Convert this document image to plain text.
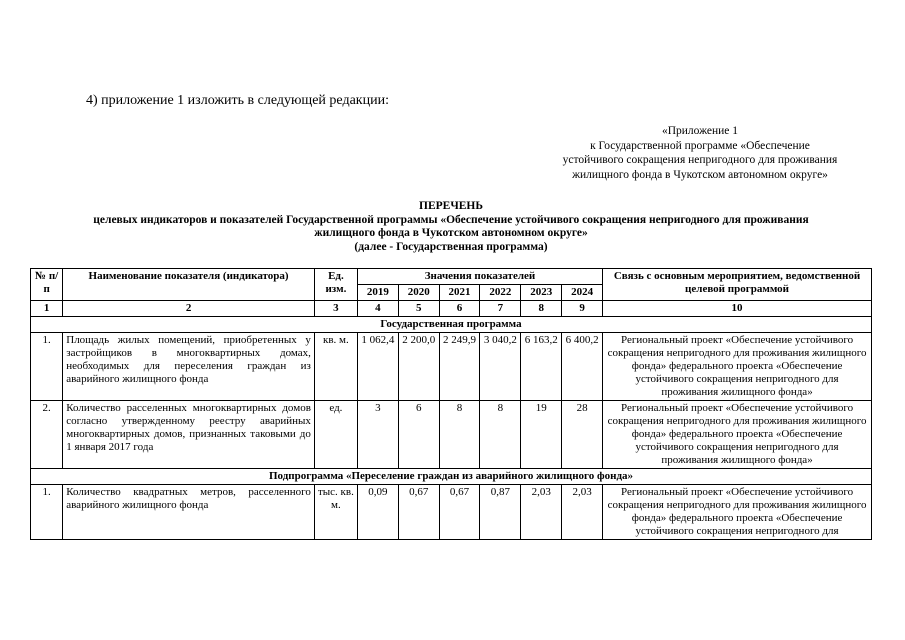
4) приложение 1 изложить в следующей редакции:
«Приложение 1
к Государственной программе «Обеспечение
устойчивого сокращения непригодного для проживания
жилищного фонда в Чукотском автономном округе»
ПЕРЕЧЕНЬ
целевых индикаторов и показателей Государственной программы «Обеспечение устойчивого сокращения непригодного для проживания
жилищного фонда в Чукотском автономном округе»
(далее - Государственная программа)
№ п/п	Наименование показателя (индикатора)	Ед. изм.	Значения показателей						Связь с основным мероприятием, ведомственной целевой программой
			2019	2020	2021	2022	2023	2024	
1	2	3	4	5	6	7	8	9	10
Государственная программа									
1.	Площадь жилых помещений, приобретенных у застройщиков в многоквартирных домах, необходимых для переселения граждан из аварийного жилищного фонда	кв. м.	1 062,4	2 200,0	2 249,9	3 040,2	6 163,2	6 400,2	Региональный проект «Обеспечение устойчивого сокращения непригодного для проживания жилищного фонда» федерального проекта «Обеспечение устойчивого сокращения непригодного для проживания жилищного фонда»
2.	Количество расселенных многоквартирных домов согласно утвержденному реестру аварийных многоквартирных домов, признанных таковыми до 1 января 2017 года	ед.	3	6	8	8	19	28	Региональный проект «Обеспечение устойчивого сокращения непригодного для проживания жилищного фонда» федерального проекта «Обеспечение устойчивого сокращения непригодного для проживания жилищного фонда»
Подпрограмма «Переселение граждан из аварийного жилищного фонда»									
1.	Количество квадратных метров, расселенного аварийного жилищного фонда	тыс. кв. м.	0,09	0,67	0,67	0,87	2,03	2,03	Региональный проект «Обеспечение устойчивого сокращения непригодного для проживания жилищного фонда» федерального проекта «Обеспечение устойчивого сокращения непригодного для
